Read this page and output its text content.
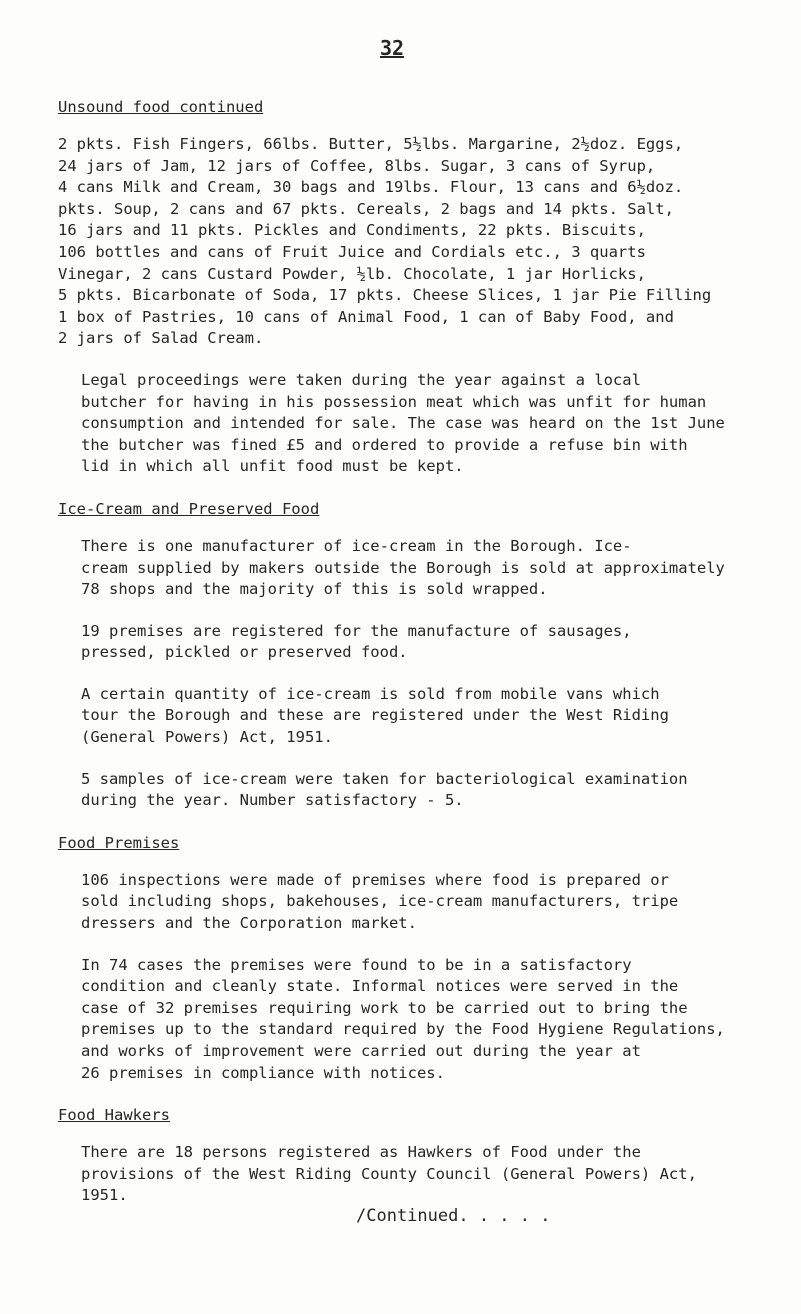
32
Unsound food continued
2 pkts. Fish Fingers, 66lbs. Butter, 5½lbs. Margarine, 2½doz. Eggs,
24 jars of Jam, 12 jars of Coffee, 8lbs. Sugar, 3 cans of Syrup,
4 cans Milk and Cream, 30 bags and 19lbs. Flour, 13 cans and 6½doz.
pkts. Soup, 2 cans and 67 pkts. Cereals, 2 bags and 14 pkts. Salt,
16 jars and 11 pkts. Pickles and Condiments, 22 pkts. Biscuits,
106 bottles and cans of Fruit Juice and Cordials etc., 3 quarts
Vinegar, 2 cans Custard Powder, ½lb. Chocolate, 1 jar Horlicks,
5 pkts. Bicarbonate of Soda, 17 pkts. Cheese Slices, 1 jar Pie Filling
1 box of Pastries, 10 cans of Animal Food, 1 can of Baby Food, and
2 jars of Salad Cream.
Legal proceedings were taken during the year against a local
butcher for having in his possession meat which was unfit for human
consumption and intended for sale. The case was heard on the 1st June
the butcher was fined £5 and ordered to provide a refuse bin with
lid in which all unfit food must be kept.
Ice-Cream and Preserved Food
There is one manufacturer of ice-cream in the Borough. Ice-
cream supplied by makers outside the Borough is sold at approximately
78 shops and the majority of this is sold wrapped.
19 premises are registered for the manufacture of sausages,
pressed, pickled or preserved food.
A certain quantity of ice-cream is sold from mobile vans which
tour the Borough and these are registered under the West Riding
(General Powers) Act, 1951.
5 samples of ice-cream were taken for bacteriological examination
during the year. Number satisfactory - 5.
Food Premises
106 inspections were made of premises where food is prepared or
sold including shops, bakehouses, ice-cream manufacturers, tripe
dressers and the Corporation market.
In 74 cases the premises were found to be in a satisfactory
condition and cleanly state. Informal notices were served in the
case of 32 premises requiring work to be carried out to bring the
premises up to the standard required by the Food Hygiene Regulations,
and works of improvement were carried out during the year at
26 premises in compliance with notices.
Food Hawkers
There are 18 persons registered as Hawkers of Food under the
provisions of the West Riding County Council (General Powers) Act,
1951.
/Continued. . . . .
